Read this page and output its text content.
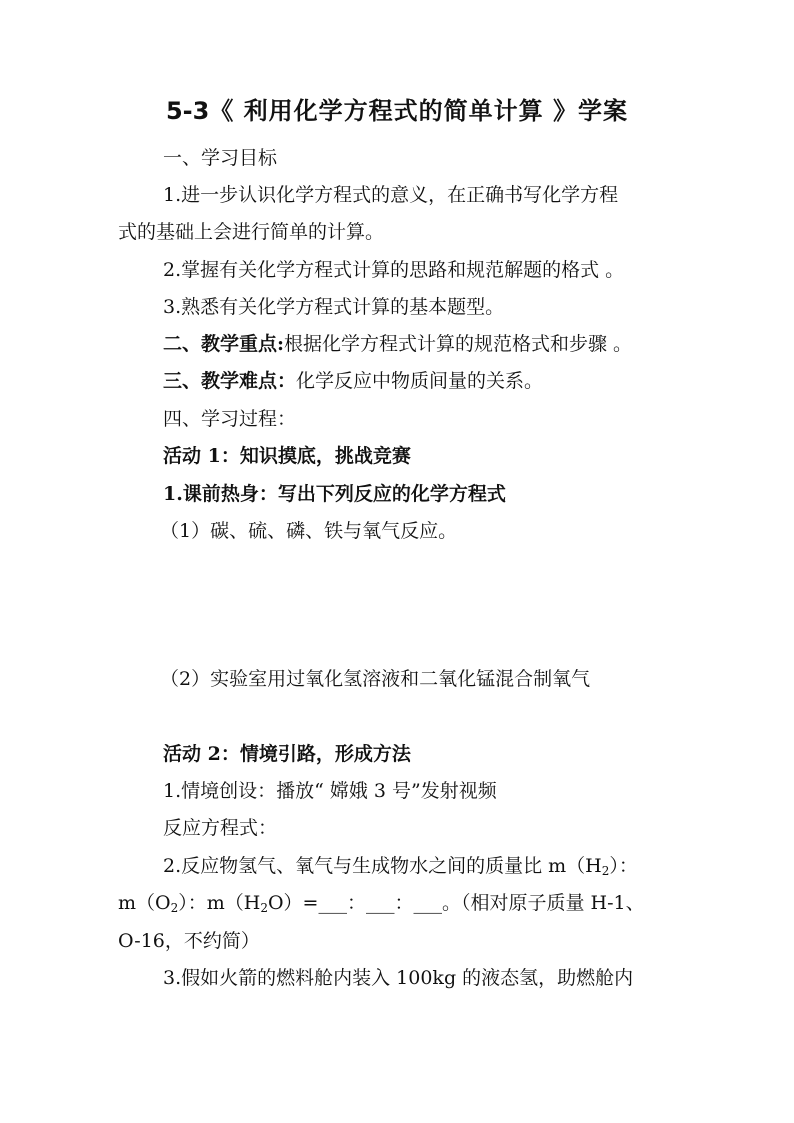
5-3《 利用化学方程式的简单计算 》学案
一、学习目标
1.进一步认识化学方程式的意义，在正确书写化学方程
式的基础上会进行简单的计算。
2.掌握有关化学方程式计算的思路和规范解题的格式 。
3.熟悉有关化学方程式计算的基本题型。
二、教学重点:根据化学方程式计算的规范格式和步骤 。
三、教学难点：化学反应中物质间量的关系。
四、学习过程：
活动 1：知识摸底，挑战竞赛
1.课前热身：写出下列反应的化学方程式
（1）碳、硫、磷、铁与氧气反应。
（2）实验室用过氧化氢溶液和二氧化锰混合制氧气
活动 2：情境引路，形成方法
1.情境创设：播放“ 嫦娥 3 号”发射视频
反应方程式：
2.反应物氢气、氧气与生成物水之间的质量比 $m(H_2)$：
$m(O_2)$：$m(H_2O)=\_\_\_$：___：___。（相对原子质量 H-1、
O-16，不约简）
3.假如火箭的燃料舱内装入 100kg 的液态氢，助燃舱内
